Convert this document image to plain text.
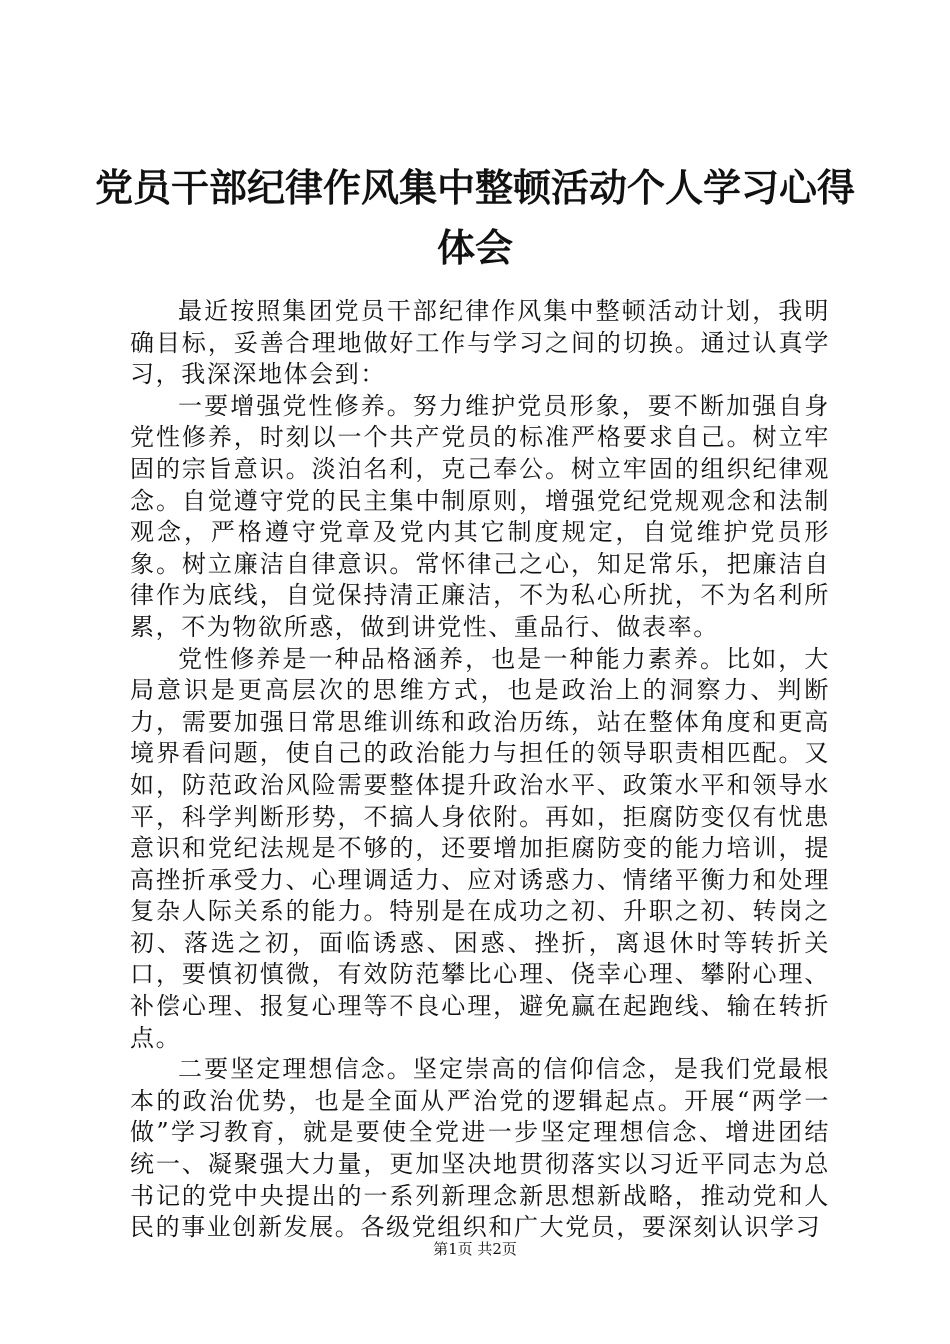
党员干部纪律作风集中整顿活动个人学习心得
体会

最近按照集团党员干部纪律作风集中整顿活动计划，我明确目标，妥善合理地做好工作与学习之间的切换。通过认真学习，我深深地体会到：

一要增强党性修养。努力维护党员形象，要不断加强自身党性修养，时刻以一个共产党员的标准严格要求自己。树立牢固的宗旨意识。淡泊名利，克己奉公。树立牢固的组织纪律观念。自觉遵守党的民主集中制原则，增强党纪党规观念和法制观念，严格遵守党章及党内其它制度规定，自觉维护党员形象。树立廉洁自律意识。常怀律己之心，知足常乐，把廉洁自律作为底线，自觉保持清正廉洁，不为私心所扰，不为名利所累，不为物欲所惑，做到讲党性、重品行、做表率。

党性修养是一种品格涵养，也是一种能力素养。比如，大局意识是更高层次的思维方式，也是政治上的洞察力、判断力，需要加强日常思维训练和政治历练，站在整体角度和更高境界看问题，使自己的政治能力与担任的领导职责相匹配。又如，防范政治风险需要整体提升政治水平、政策水平和领导水平，科学判断形势，不搞人身依附。再如，拒腐防变仅有忧患意识和党纪法规是不够的，还要增加拒腐防变的能力培训，提高挫折承受力、心理调适力、应对诱惑力、情绪平衡力和处理复杂人际关系的能力。特别是在成功之初、升职之初、转岗之初、落选之初，面临诱惑、困惑、挫折，离退休时等转折关口，要慎初慎微，有效防范攀比心理、侥幸心理、攀附心理、补偿心理、报复心理等不良心理，避免赢在起跑线、输在转折点。

二要坚定理想信念。坚定崇高的信仰信念，是我们党最根本的政治优势，也是全面从严治党的逻辑起点。开展“两学一做”学习教育，就是要使全党进一步坚定理想信念、增进团结统一、凝聚强大力量，更加坚决地贯彻落实以习近平同志为总书记的党中央提出的一系列新理念新思想新战略，推动党和人民的事业创新发展。各级党组织和广大党员，要深刻认识学习

第1页 共2页
